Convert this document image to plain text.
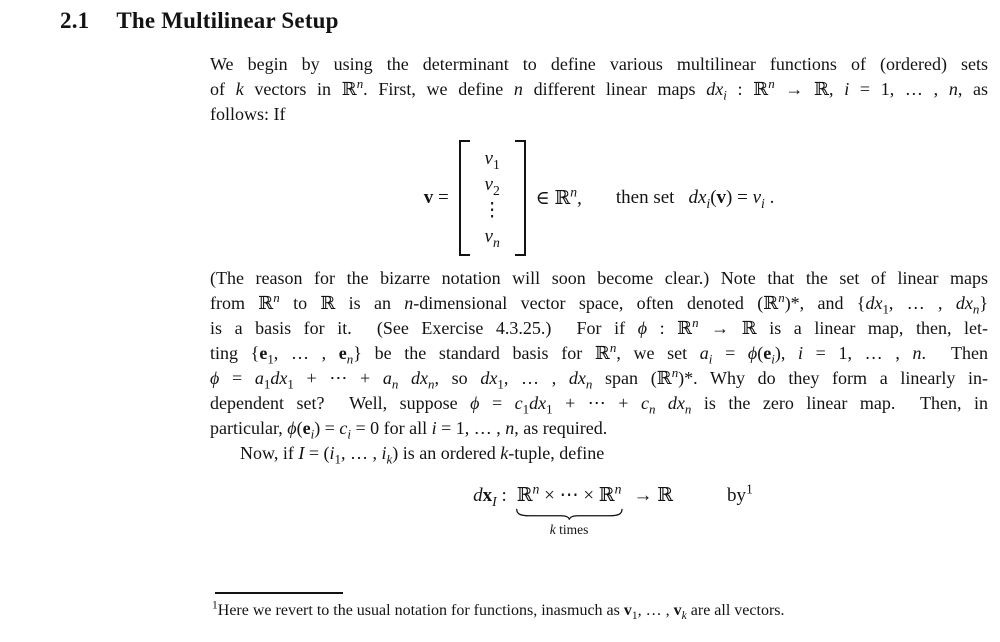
2.1 The Multilinear Setup
We begin by using the determinant to define various multilinear functions of (ordered) sets
of k vectors in ℝ$^n$. First, we define n different linear maps $dx_i$ : ℝ$^n$ → ℝ, i = 1, … , n, as
follows: If
v =
$v_1$
$v_2$
⋮
$v_n$
∈ ℝ$^n$, then set $dx_i(v) = v_i$ .
(The reason for the bizarre notation will soon become clear.) Note that the set of linear maps
from ℝ$^n$ to ℝ is an n-dimensional vector space, often denoted (ℝ$^n$)*, and {$dx_1$, … , $dx_n$}
is a basis for it.  (See Exercise 4.3.25.)  For if ϕ : ℝ$^n$ → ℝ is a linear map, then, let-
ting {$e_1$, … , $e_n$} be the standard basis for ℝ$^n$, we set $a_i = \phi(e_i)$, i = 1, … , n.  Then
$\phi = a_1dx_1$ + ⋯ + $a_n$ $dx_n$, so $dx_1$, … , $dx_n$ span (ℝ$^n$)*. Why do they form a linearly in-
dependent set?  Well, suppose $\phi = c_1dx_1$ + ⋯ + $c_n$ $dx_n$ is the zero linear map.  Then, in
particular, $\phi(e_i) = c_i = 0$ for all i = 1, … , n, as required.
Now, if $I = (i_1$, … , $i_k$) is an ordered k-tuple, define
$dx_I$ : ℝ$^n$ × ⋯ × ℝ$^n$
k times
→ ℝ	$by^1$
$^1$Here we revert to the usual notation for functions, inasmuch as $v_1$, … , $v_k$ are all vectors.
